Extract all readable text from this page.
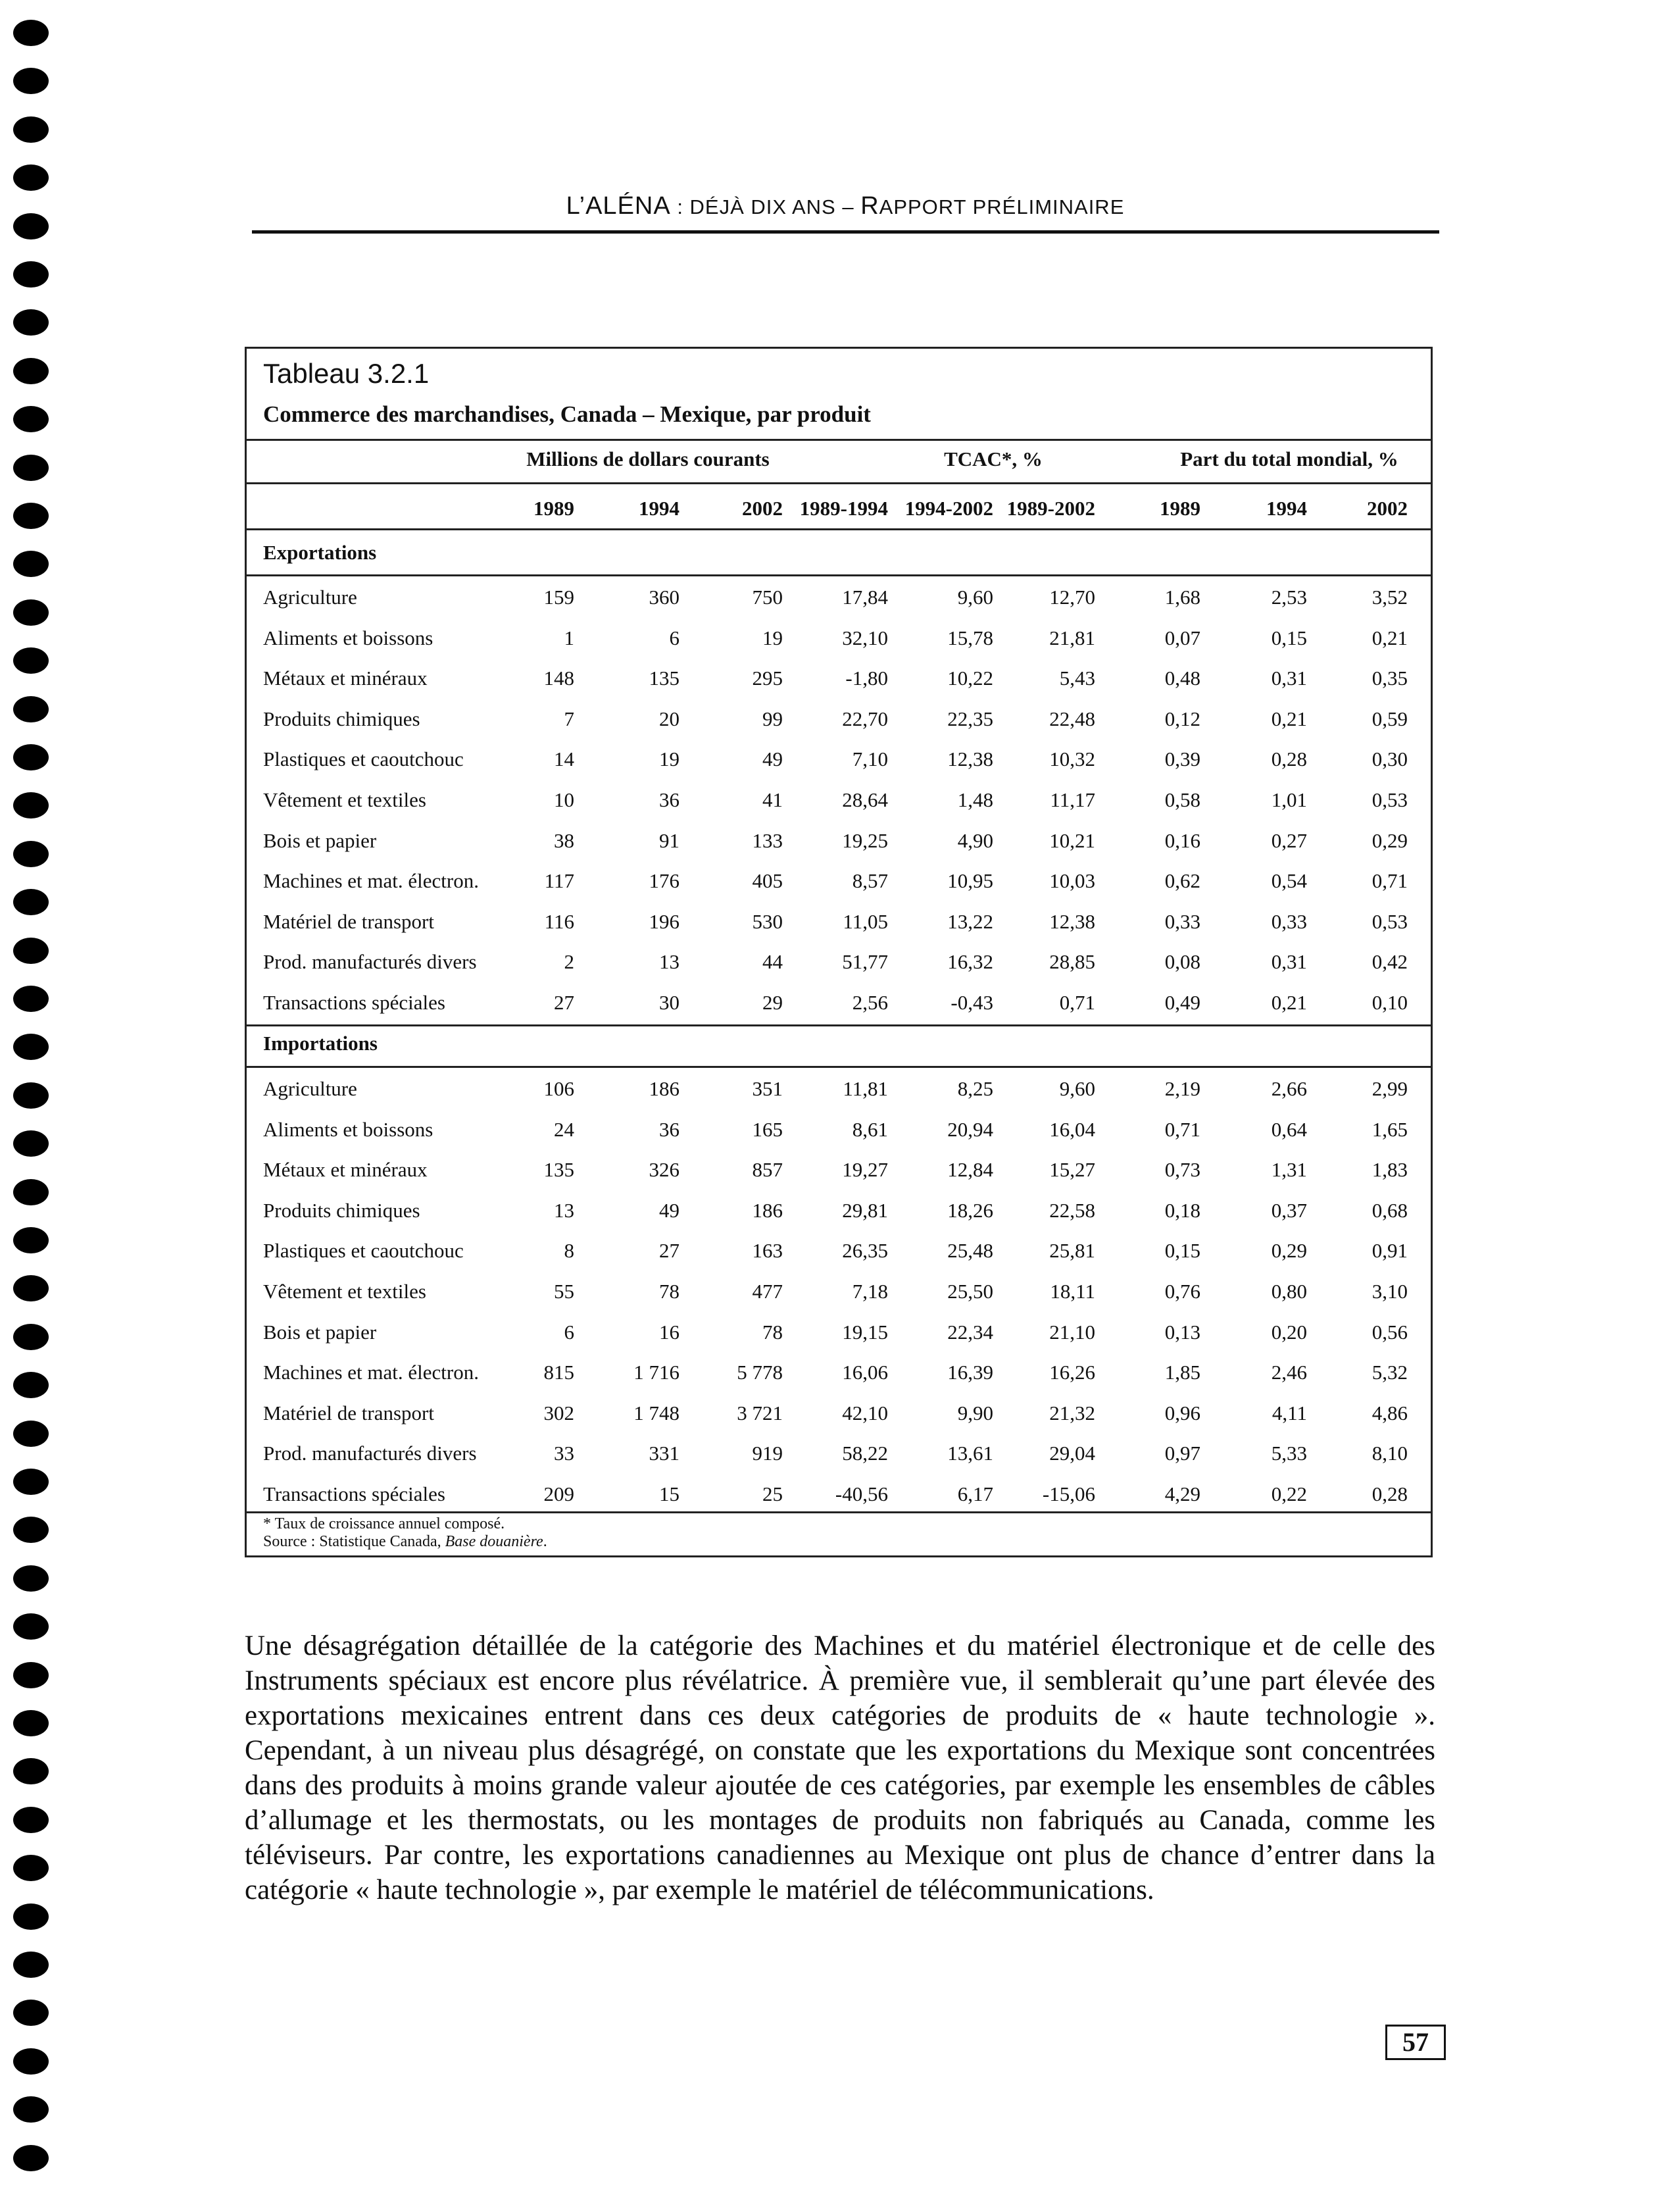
L’ALÉNA : DÉJÀ DIX ANS – RAPPORT PRÉLIMINAIRE
Tableau 3.2.1
Commerce des marchandises, Canada – Mexique, par produit
Millions de dollars courants	TCAC*, %	Part du total mondial, %
1989	1994	2002 1989-1994 1994-2002 1989-2002	1989	1994	2002
Exportations
Agriculture	159	360	750	17,84	9,60	12,70	1,68	2,53	3,52
Aliments et boissons	1	6	19	32,10	15,78	21,81	0,07	0,15	0,21
Métaux et minéraux	148	135	295	-1,80	10,22	5,43	0,48	0,31	0,35
Produits chimiques	7	20	99	22,70	22,35	22,48	0,12	0,21	0,59
Plastiques et caoutchouc	14	19	49	7,10	12,38	10,32	0,39	0,28	0,30
Vêtement et textiles	10	36	41	28,64	1,48	11,17	0,58	1,01	0,53
Bois et papier	38	91	133	19,25	4,90	10,21	0,16	0,27	0,29
Machines et mat. électron.	117	176	405	8,57	10,95	10,03	0,62	0,54	0,71
Matériel de transport	116	196	530	11,05	13,22	12,38	0,33	0,33	0,53
Prod. manufacturés divers	2	13	44	51,77	16,32	28,85	0,08	0,31	0,42
Transactions spéciales	27	30	29	2,56	-0,43	0,71	0,49	0,21	0,10
Importations
Agriculture	106	186	351	11,81	8,25	9,60	2,19	2,66	2,99
Aliments et boissons	24	36	165	8,61	20,94	16,04	0,71	0,64	1,65
Métaux et minéraux	135	326	857	19,27	12,84	15,27	0,73	1,31	1,83
Produits chimiques	13	49	186	29,81	18,26	22,58	0,18	0,37	0,68
Plastiques et caoutchouc	8	27	163	26,35	25,48	25,81	0,15	0,29	0,91
Vêtement et textiles	55	78	477	7,18	25,50	18,11	0,76	0,80	3,10
Bois et papier	6	16	78	19,15	22,34	21,10	0,13	0,20	0,56
Machines et mat. électron.	815	1 716	5 778	16,06	16,39	16,26	1,85	2,46	5,32
Matériel de transport	302	1 748	3 721	42,10	9,90	21,32	0,96	4,11	4,86
Prod. manufacturés divers	33	331	919	58,22	13,61	29,04	0,97	5,33	8,10
Transactions spéciales	209	15	25	-40,56	6,17	-15,06	4,29	0,22	0,28
* Taux de croissance annuel composé.
Source : Statistique Canada, Base douanière.
Une désagrégation détaillée de la catégorie des Machines et du matériel électronique et de celle des Instruments spéciaux est encore plus révélatrice. À première vue, il semblerait qu’une part élevée des exportations mexicaines entrent dans ces deux catégories de produits de « haute technologie ». Cependant, à un niveau plus désagrégé, on constate que les exportations du Mexique sont concentrées dans des produits à moins grande valeur ajoutée de ces catégories, par exemple les ensembles de câbles d’allumage et les thermostats, ou les montages de produits non fabriqués au Canada, comme les téléviseurs. Par contre, les exportations canadiennes au Mexique ont plus de chance d’entrer dans la catégorie « haute technologie », par exemple le matériel de télécommunications.
57
